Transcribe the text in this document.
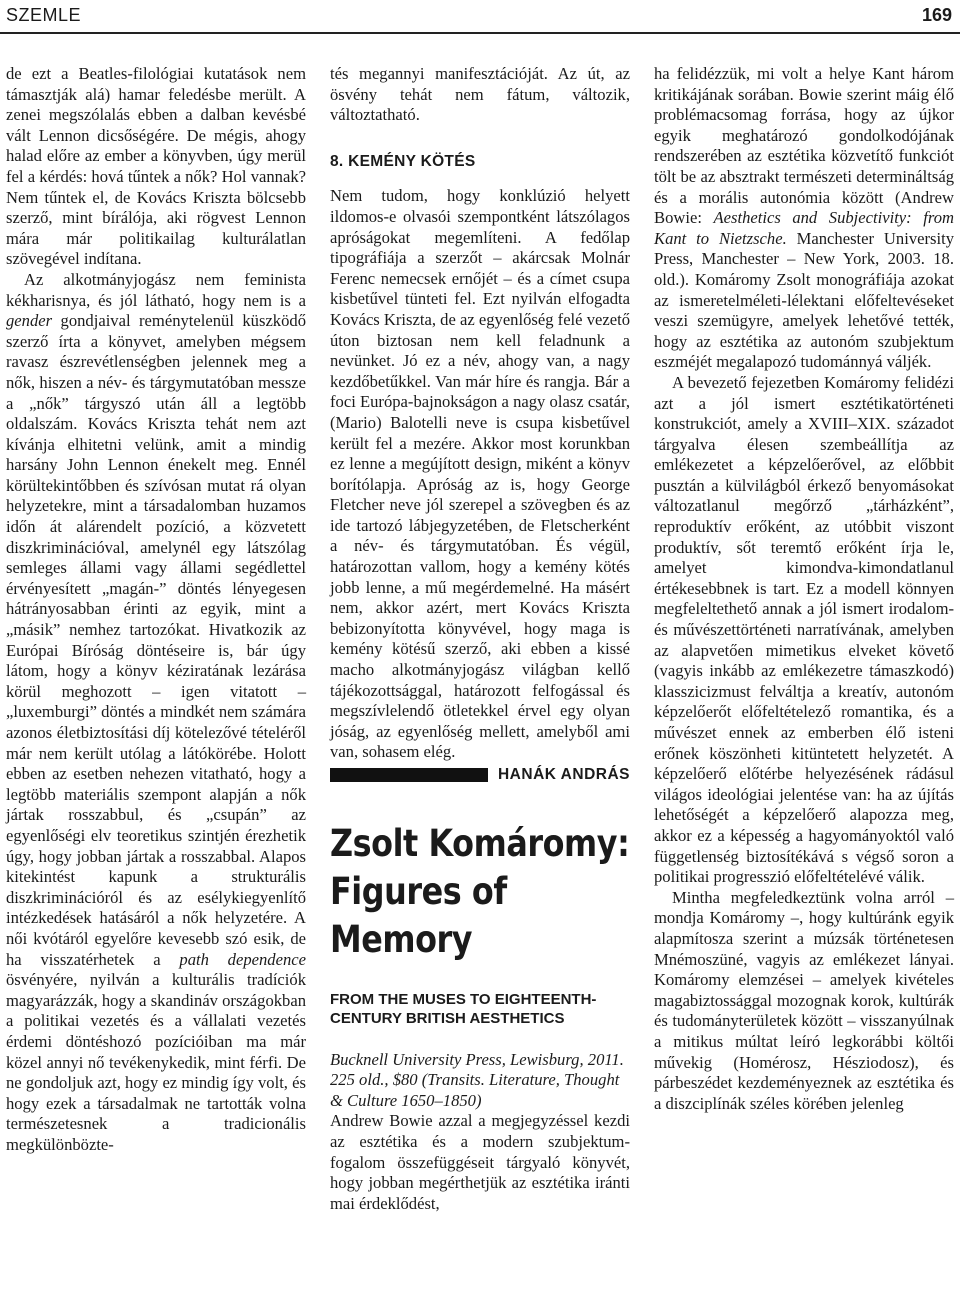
SZEMLE	169

de ezt a Beatles-filológiai kutatások nem támasztják alá) hamar feledésbe merült. A zenei megszólalás ebben a dalban kevésbé vált Lennon dicsőségére. De mégis, ahogy halad előre az ember a könyvben, úgy merül fel a kérdés: hová tűntek a nők? Hol vannak? Nem tűntek el, de Kovács Kriszta bölcsebb szerző, mint bírálója, aki rögvest Lennon mára már politikailag kulturálatlan szövegével indítana.

Az alkotmányjogász nem feminista kékharisnya, és jól látható, hogy nem is a gender gondjaival reménytelenül küszködő szerző írta a könyvet, amelyben mégsem ravasz észrevétlenségben jelennek meg a nők, hiszen a név- és tárgymutatóban messze a „nők” tárgyszó után áll a legtöbb oldalszám. Kovács Kriszta tehát nem azt kívánja elhitetni velünk, amit a mindig harsány John Lennon énekelt meg. Ennél körültekintőbben és szívósan mutat rá olyan helyzetekre, mint a társadalomban huzamos időn át alárendelt pozíció, a közvetett diszkriminációval, amelynél egy látszólag semleges állami vagy állami segédlettel érvényesített „magán-” döntés lényegesen hátrányosabban érinti az egyik, mint a „másik” nemhez tartozókat. Hivatkozik az Európai Bíróság döntéseire is, bár úgy látom, hogy a könyv kéziratának lezárása körül meghozott – igen vitatott – „luxemburgi” döntés a mindkét nem számára azonos életbiztosítási díj kötelezővé tételéről már nem került utólag a látókörébe. Holott ebben az esetben nehezen vitatható, hogy a legtöbb materiális szempont alapján a nők jártak rosszabbul, és „csupán” az egyenlőségi elv teoretikus szintjén érezhetik úgy, hogy jobban jártak a rosszabbal. Alapos kitekintést kapunk a strukturális diszkriminációról és az esélykiegyenlítő intézkedések hatásáról a nők helyzetére. A női kvótáról egyelőre kevesebb szó esik, de ha visszatérhetek a path dependence ösvényére, nyilván a kulturális tradíciók magyarázzák, hogy a skandináv országokban a politikai vezetés és a vállalati vezetés érdemi döntéshozó pozícióiban ma már közel annyi nő tevékenykedik, mint férfi. De ne gondoljuk azt, hogy ez mindig így volt, és hogy ezek a társadalmak ne tartották volna természetesnek a tradicionális megkülönbözte-

tés megannyi manifesztációját. Az út, az ösvény tehát nem fátum, változik, változtatható.

8. KEMÉNY KÖTÉS

Nem tudom, hogy konklúzió helyett ildomos-e olvasói szempontként látszólagos apróságokat megemlíteni. A fedőlap tipográfiája a szerzőt – akárcsak Molnár Ferenc nemecsek ernőjét – és a címet csupa kisbetűvel tünteti fel. Ezt nyilván elfogadta Kovács Kriszta, de az egyenlőség felé vezető úton biztosan nem kell feladnunk a nevünket. Jó ez a név, ahogy van, a nagy kezdőbetűkkel. Van már híre és rangja. Bár a foci Európa-bajnokságon a nagy olasz csatár, (Mario) Balotelli neve is csupa kisbetűvel került fel a mezére. Akkor most korunkban ez lenne a megújított design, miként a könyv borítólapja. Apróság az is, hogy George Fletcher neve jól szerepel a szövegben és az ide tartozó lábjegyzetében, de Fletscherként a név- és tárgymutatóban. És végül, határozottan vallom, hogy a kemény kötés jobb lenne, a mű megérdemelné. Ha másért nem, akkor azért, mert Kovács Kriszta bebizonyította könyvével, hogy maga is kemény kötésű szerző, aki ebben a kissé macho alkotmányjogász világban kellő tájékozottsággal, határozott felfogással és megszívlelendő ötletekkel érvel egy olyan jóság, az egyenlőség mellett, amelyből ami van, sohasem elég.

HANÁK ANDRÁS
Zsolt Komáromy: Figures of Memory
FROM THE MUSES TO EIGHTEENTH-CENTURY BRITISH AESTHETICS

Bucknell University Press, Lewisburg, 2011. 225 old., $80 (Transits. Literature, Thought & Culture 1650–1850)

Andrew Bowie azzal a megjegyzéssel kezdi az esztétika és a modern szubjektum-fogalom összefüggéseit tárgyaló könyvét, hogy jobban megérthetjük az esztétika iránti mai érdeklődést,

ha felidézzük, mi volt a helye Kant három kritikájának sorában. Bowie szerint máig élő problémacsomag forrása, hogy az újkor egyik meghatározó gondolkodójának rendszerében az esztétika közvetítő funkciót tölt be az absztrakt természeti determináltság és a morális autonómia között (Andrew Bowie: Aesthetics and Subjectivity: from Kant to Nietzsche. Manchester University Press, Manchester – New York, 2003. 18. old.). Komáromy Zsolt monográfiája azokat az ismeretelméleti-lélektani előfeltevéseket veszi szemügyre, amelyek lehetővé tették, hogy az esztétika az autonóm szubjektum eszméjét megalapozó tudománnyá váljék.

A bevezető fejezetben Komáromy felidézi azt a jól ismert esztétikatörténeti konstrukciót, amely a XVIII–XIX. századot tárgyalva élesen szembeállítja az emlékezetet a képzelőerővel, az előbbit pusztán a külvilágból érkező benyomásokat változatlanul megőrző „tárházként”, reproduktív erőként, az utóbbit viszont produktív, sőt teremtő erőként írja le, amelyet kimondva-kimondatlanul értékesebbnek is tart. Ez a modell könnyen megfeleltethető annak a jól ismert irodalom- és művészettörténeti narratívának, amelyben az alapvetően mimetikus elveket követő (vagyis inkább az emlékezetre támaszkodó) klasszicizmust felváltja a kreatív, autonóm képzelőerőt előfeltételező romantika, és a művészet ennek az emberben élő isteni erőnek köszönheti kitüntetett helyzetét. A képzelőerő előtérbe helyezésének rádásul világos ideológiai jelentése van: ha az újítás lehetőségét a képzelőerő alapozza meg, akkor ez a képesség a hagyományoktól való függetlenség biztosítékává s végső soron a politikai progresszió előfeltételévé válik.

Mintha megfeledkeztünk volna arról – mondja Komáromy –, hogy kultúránk egyik alapmítosza szerint a múzsák történetesen Mnémoszüné, vagyis az emlékezet lányai. Komáromy elemzései – amelyek kivételes magabiztossággal mozognak korok, kultúrák és tudományterületek között – visszanyúlnak a mitikus múltat leíró legkorábbi költői művekig (Homérosz, Hésziodosz), és párbeszédet kezdeményeznek az esztétika és a diszciplínák széles körében jelenleg
